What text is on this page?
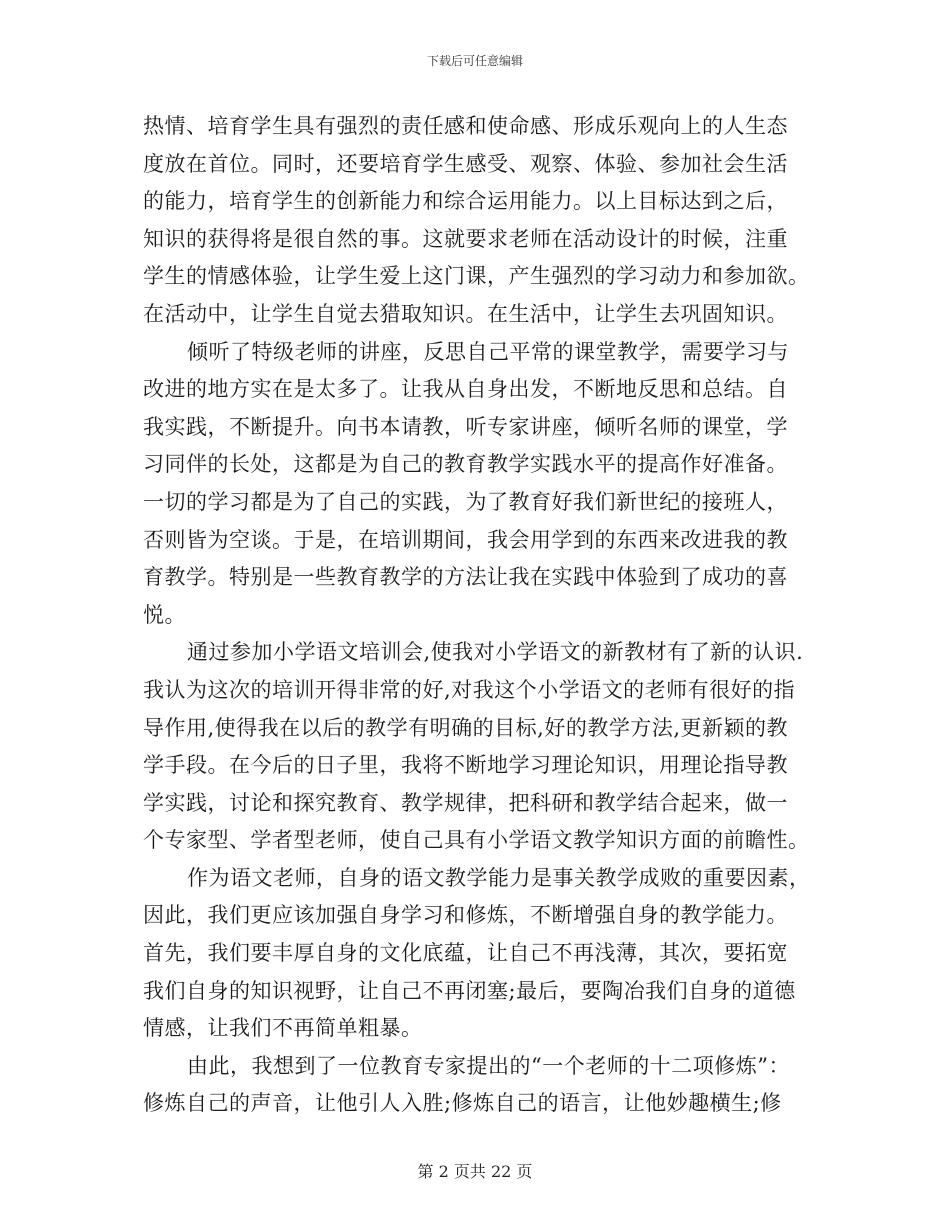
下载后可任意编辑
热情、培育学生具有强烈的责任感和使命感、形成乐观向上的人生态
度放在首位。同时，还要培育学生感受、观察、体验、参加社会生活
的能力，培育学生的创新能力和综合运用能力。以上目标达到之后，
知识的获得将是很自然的事。这就要求老师在活动设计的时候，注重
学生的情感体验，让学生爱上这门课，产生强烈的学习动力和参加欲。
在活动中，让学生自觉去猎取知识。在生活中，让学生去巩固知识。
倾听了特级老师的讲座，反思自己平常的课堂教学，需要学习与
改进的地方实在是太多了。让我从自身出发，不断地反思和总结。自
我实践，不断提升。向书本请教，听专家讲座，倾听名师的课堂，学
习同伴的长处，这都是为自己的教育教学实践水平的提高作好准备。
一切的学习都是为了自己的实践，为了教育好我们新世纪的接班人，
否则皆为空谈。于是，在培训期间，我会用学到的东西来改进我的教
育教学。特别是一些教育教学的方法让我在实践中体验到了成功的喜
悦。
通过参加小学语文培训会,使我对小学语文的新教材有了新的认识.
我认为这次的培训开得非常的好,对我这个小学语文的老师有很好的指
导作用,使得我在以后的教学有明确的目标,好的教学方法,更新颖的教
学手段。在今后的日子里，我将不断地学习理论知识，用理论指导教
学实践，讨论和探究教育、教学规律，把科研和教学结合起来，做一
个专家型、学者型老师，使自己具有小学语文教学知识方面的前瞻性。
作为语文老师，自身的语文教学能力是事关教学成败的重要因素，
因此，我们更应该加强自身学习和修炼，不断增强自身的教学能力。
首先，我们要丰厚自身的文化底蕴，让自己不再浅薄，其次，要拓宽
我们自身的知识视野，让自己不再闭塞;最后，要陶冶我们自身的道德
情感，让我们不再简单粗暴。
由此，我想到了一位教育专家提出的“一个老师的十二项修炼”：
修炼自己的声音，让他引人入胜;修炼自己的语言，让他妙趣横生;修
第 2 页共 22 页
